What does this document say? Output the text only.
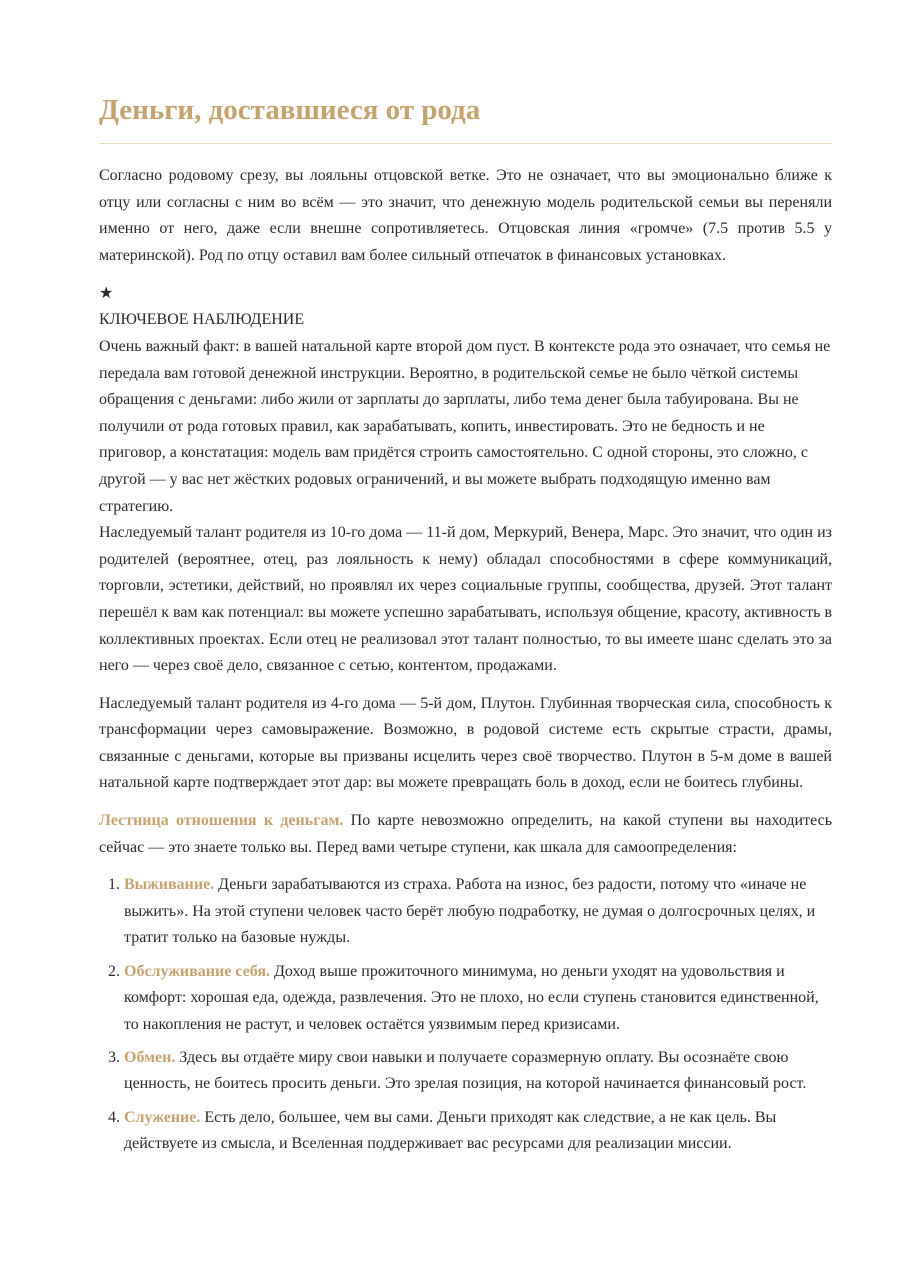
Деньги, доставшиеся от рода

Согласно родовому срезу, вы лояльны отцовской ветке. Это не означает, что вы эмоционально ближе к отцу или согласны с ним во всём — это значит, что денежную модель родительской семьи вы переняли именно от него, даже если внешне сопротивляетесь. Отцовская линия «громче» (7.5 против 5.5 у материнской). Род по отцу оставил вам более сильный отпечаток в финансовых установках.

★
КЛЮЧЕВОЕ НАБЛЮДЕНИЕ

Очень важный факт: в вашей натальной карте второй дом пуст. В контексте рода это означает, что семья не передала вам готовой денежной инструкции. Вероятно, в родительской семье не было чёткой системы обращения с деньгами: либо жили от зарплаты до зарплаты, либо тема денег была табуирована. Вы не получили от рода готовых правил, как зарабатывать, копить, инвестировать. Это не бедность и не приговор, а констатация: модель вам придётся строить самостоятельно. С одной стороны, это сложно, с другой — у вас нет жёстких родовых ограничений, и вы можете выбрать подходящую именно вам стратегию.

Наследуемый талант родителя из 10-го дома — 11-й дом, Меркурий, Венера, Марс. Это значит, что один из родителей (вероятнее, отец, раз лояльность к нему) обладал способностями в сфере коммуникаций, торговли, эстетики, действий, но проявлял их через социальные группы, сообщества, друзей. Этот талант перешёл к вам как потенциал: вы можете успешно зарабатывать, используя общение, красоту, активность в коллективных проектах. Если отец не реализовал этот талант полностью, то вы имеете шанс сделать это за него — через своё дело, связанное с сетью, контентом, продажами.

Наследуемый талант родителя из 4-го дома — 5-й дом, Плутон. Глубинная творческая сила, способность к трансформации через самовыражение. Возможно, в родовой системе есть скрытые страсти, драмы, связанные с деньгами, которые вы призваны исцелить через своё творчество. Плутон в 5-м доме в вашей натальной карте подтверждает этот дар: вы можете превращать боль в доход, если не боитесь глубины.

Лестница отношения к деньгам. По карте невозможно определить, на какой ступени вы находитесь сейчас — это знаете только вы. Перед вами четыре ступени, как шкала для самоопределения:

1. Выживание. Деньги зарабатываются из страха. Работа на износ, без радости, потому что «иначе не выжить». На этой ступени человек часто берёт любую подработку, не думая о долгосрочных целях, и тратит только на базовые нужды.
2. Обслуживание себя. Доход выше прожиточного минимума, но деньги уходят на удовольствия и комфорт: хорошая еда, одежда, развлечения. Это не плохо, но если ступень становится единственной, то накопления не растут, и человек остаётся уязвимым перед кризисами.
3. Обмен. Здесь вы отдаёте миру свои навыки и получаете соразмерную оплату. Вы осознаёте свою ценность, не боитесь просить деньги. Это зрелая позиция, на которой начинается финансовый рост.
4. Служение. Есть дело, большее, чем вы сами. Деньги приходят как следствие, а не как цель. Вы действуете из смысла, и Вселенная поддерживает вас ресурсами для реализации миссии.
